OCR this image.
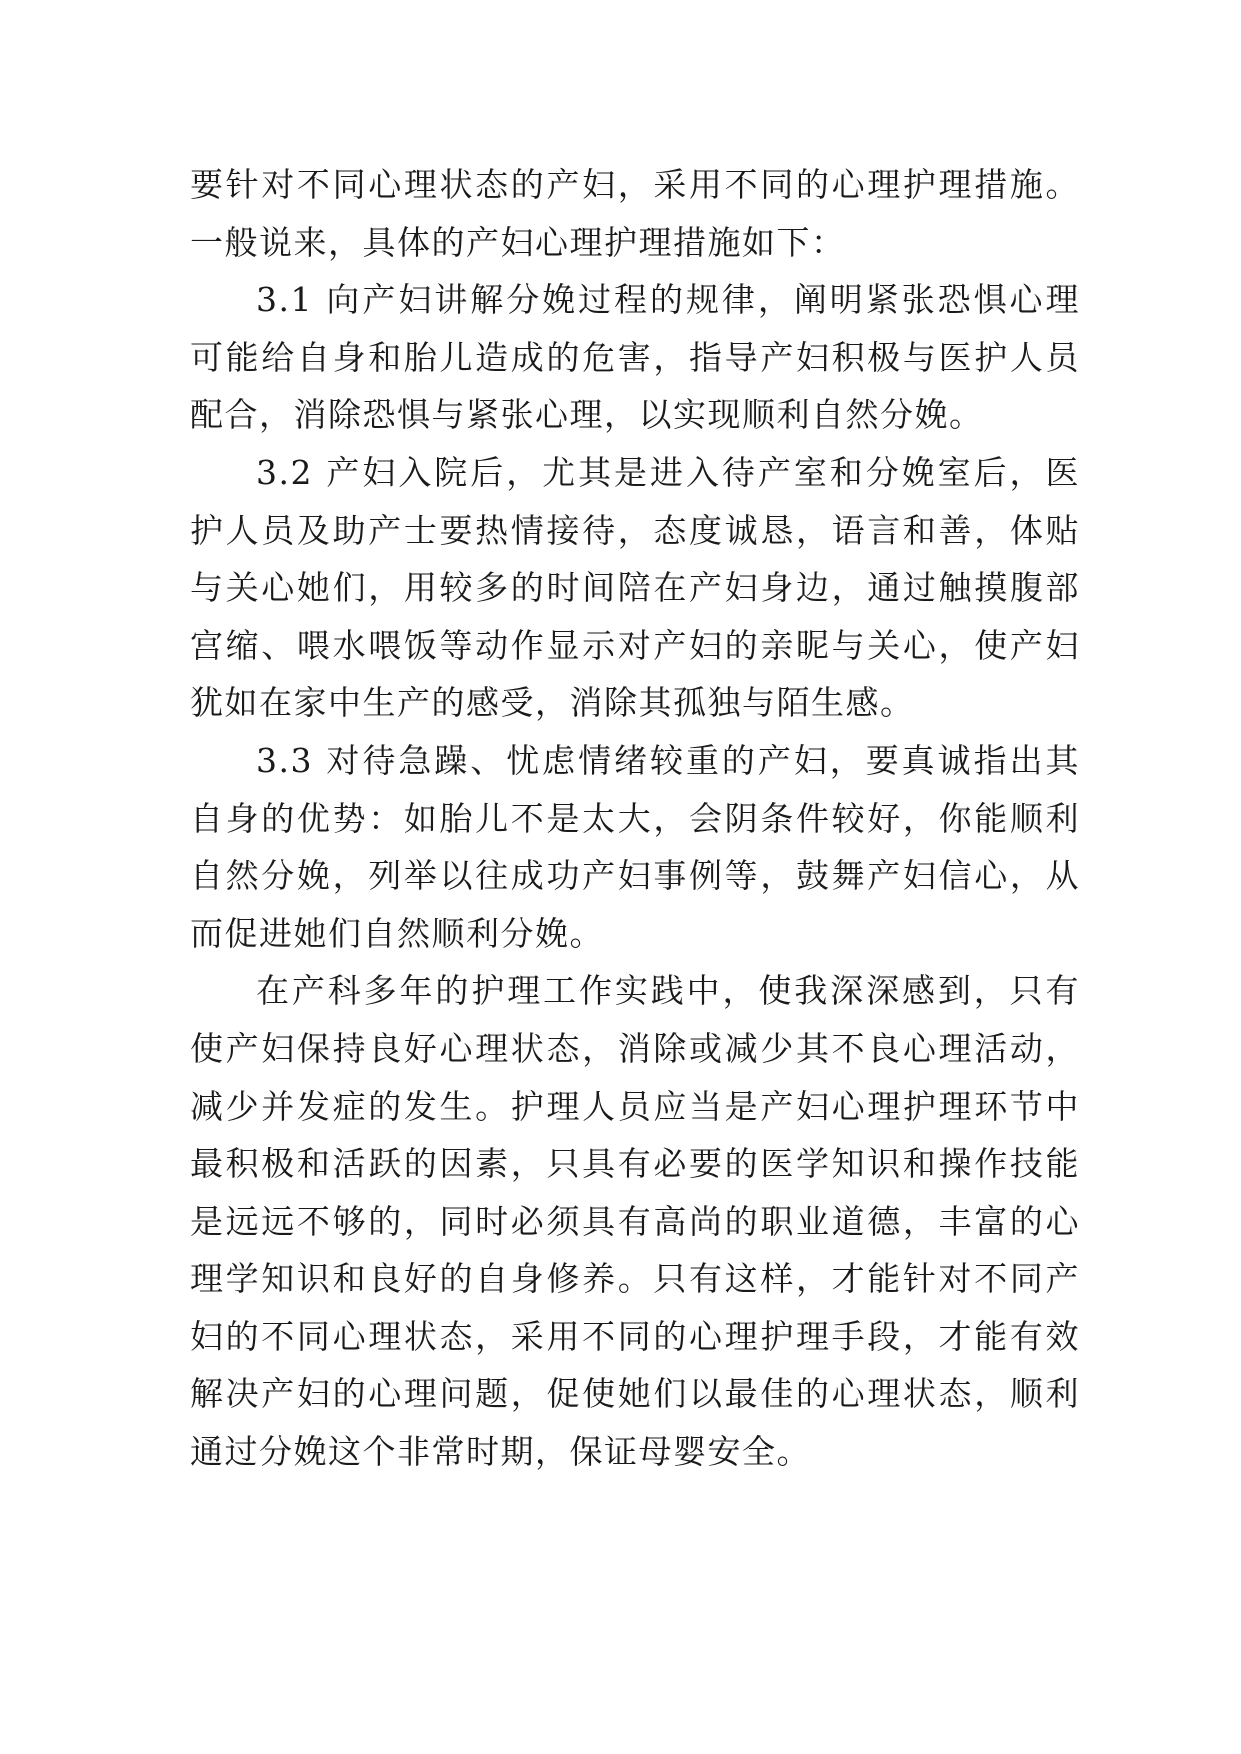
要针对不同心理状态的产妇，采用不同的心理护理措施。一般说来，具体的产妇心理护理措施如下：

3.1 向产妇讲解分娩过程的规律，阐明紧张恐惧心理可能给自身和胎儿造成的危害，指导产妇积极与医护人员配合，消除恐惧与紧张心理，以实现顺利自然分娩。

3.2 产妇入院后，尤其是进入待产室和分娩室后，医护人员及助产士要热情接待，态度诚恳，语言和善，体贴与关心她们，用较多的时间陪在产妇身边，通过触摸腹部宫缩、喂水喂饭等动作显示对产妇的亲昵与关心，使产妇犹如在家中生产的感受，消除其孤独与陌生感。

3.3 对待急躁、忧虑情绪较重的产妇，要真诚指出其自身的优势：如胎儿不是太大，会阴条件较好，你能顺利自然分娩，列举以往成功产妇事例等，鼓舞产妇信心，从而促进她们自然顺利分娩。

在产科多年的护理工作实践中，使我深深感到，只有使产妇保持良好心理状态，消除或减少其不良心理活动，减少并发症的发生。护理人员应当是产妇心理护理环节中最积极和活跃的因素，只具有必要的医学知识和操作技能是远远不够的，同时必须具有高尚的职业道德，丰富的心理学知识和良好的自身修养。只有这样，才能针对不同产妇的不同心理状态，采用不同的心理护理手段，才能有效解决产妇的心理问题，促使她们以最佳的心理状态，顺利通过分娩这个非常时期，保证母婴安全。
